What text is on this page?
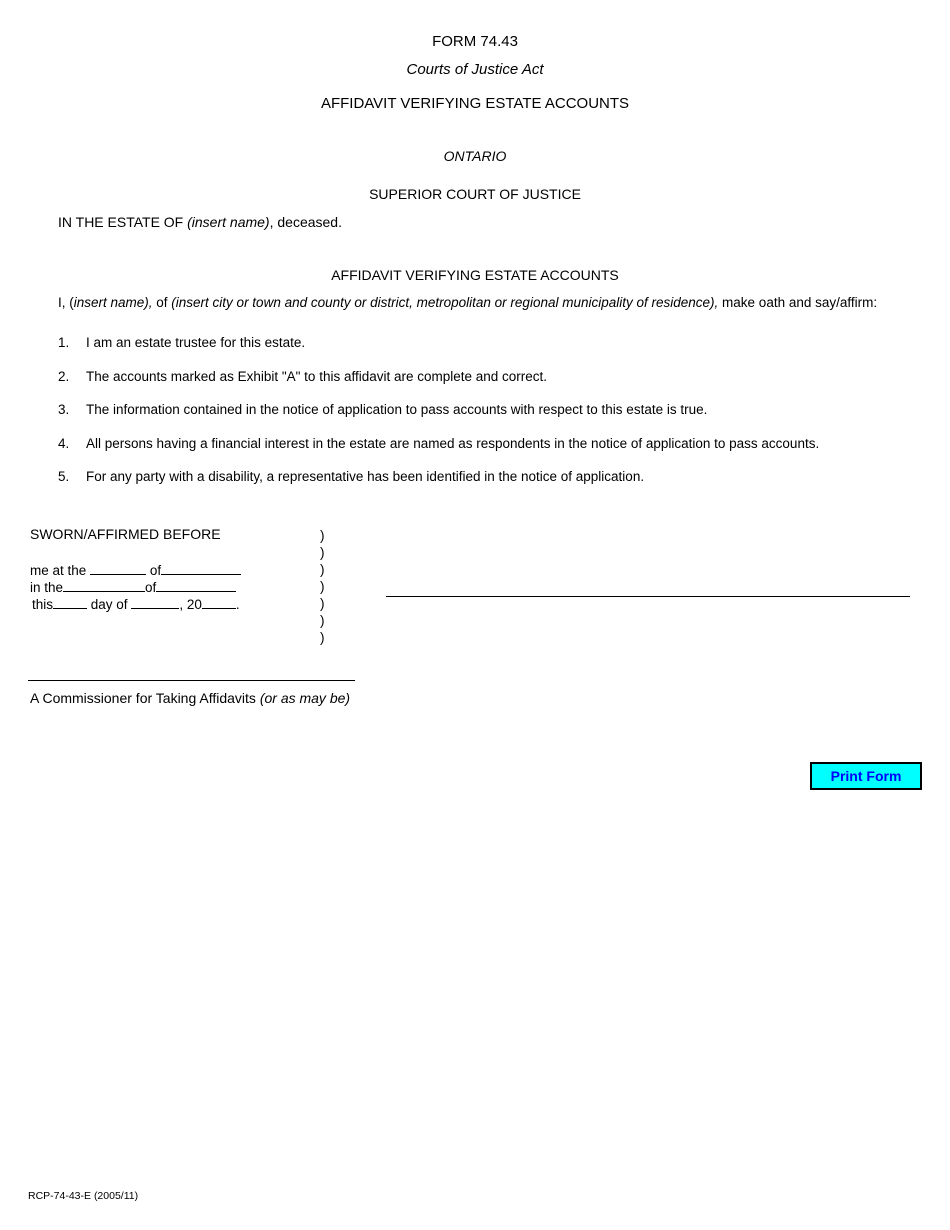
FORM 74.43
Courts of Justice Act
AFFIDAVIT VERIFYING ESTATE ACCOUNTS
ONTARIO
SUPERIOR COURT OF JUSTICE
IN THE ESTATE OF (insert name), deceased.
AFFIDAVIT VERIFYING ESTATE ACCOUNTS
I, (insert name), of (insert city or town and county or district, metropolitan or regional municipality of residence), make oath and say/affirm:
1. I am an estate trustee for this estate.
2. The accounts marked as Exhibit "A" to this affidavit are complete and correct.
3. The information contained in the notice of application to pass accounts with respect to this estate is true.
4. All persons having a financial interest in the estate are named as respondents in the notice of application to pass accounts.
5. For any party with a disability, a representative has been identified in the notice of application.
SWORN/AFFIRMED BEFORE
me at the	of
in the	of
this	day of	, 20	.
)
)
)
)
)
)
)
A Commissioner for Taking Affidavits (or as may be)
Print Form
RCP-74-43-E (2005/11)
